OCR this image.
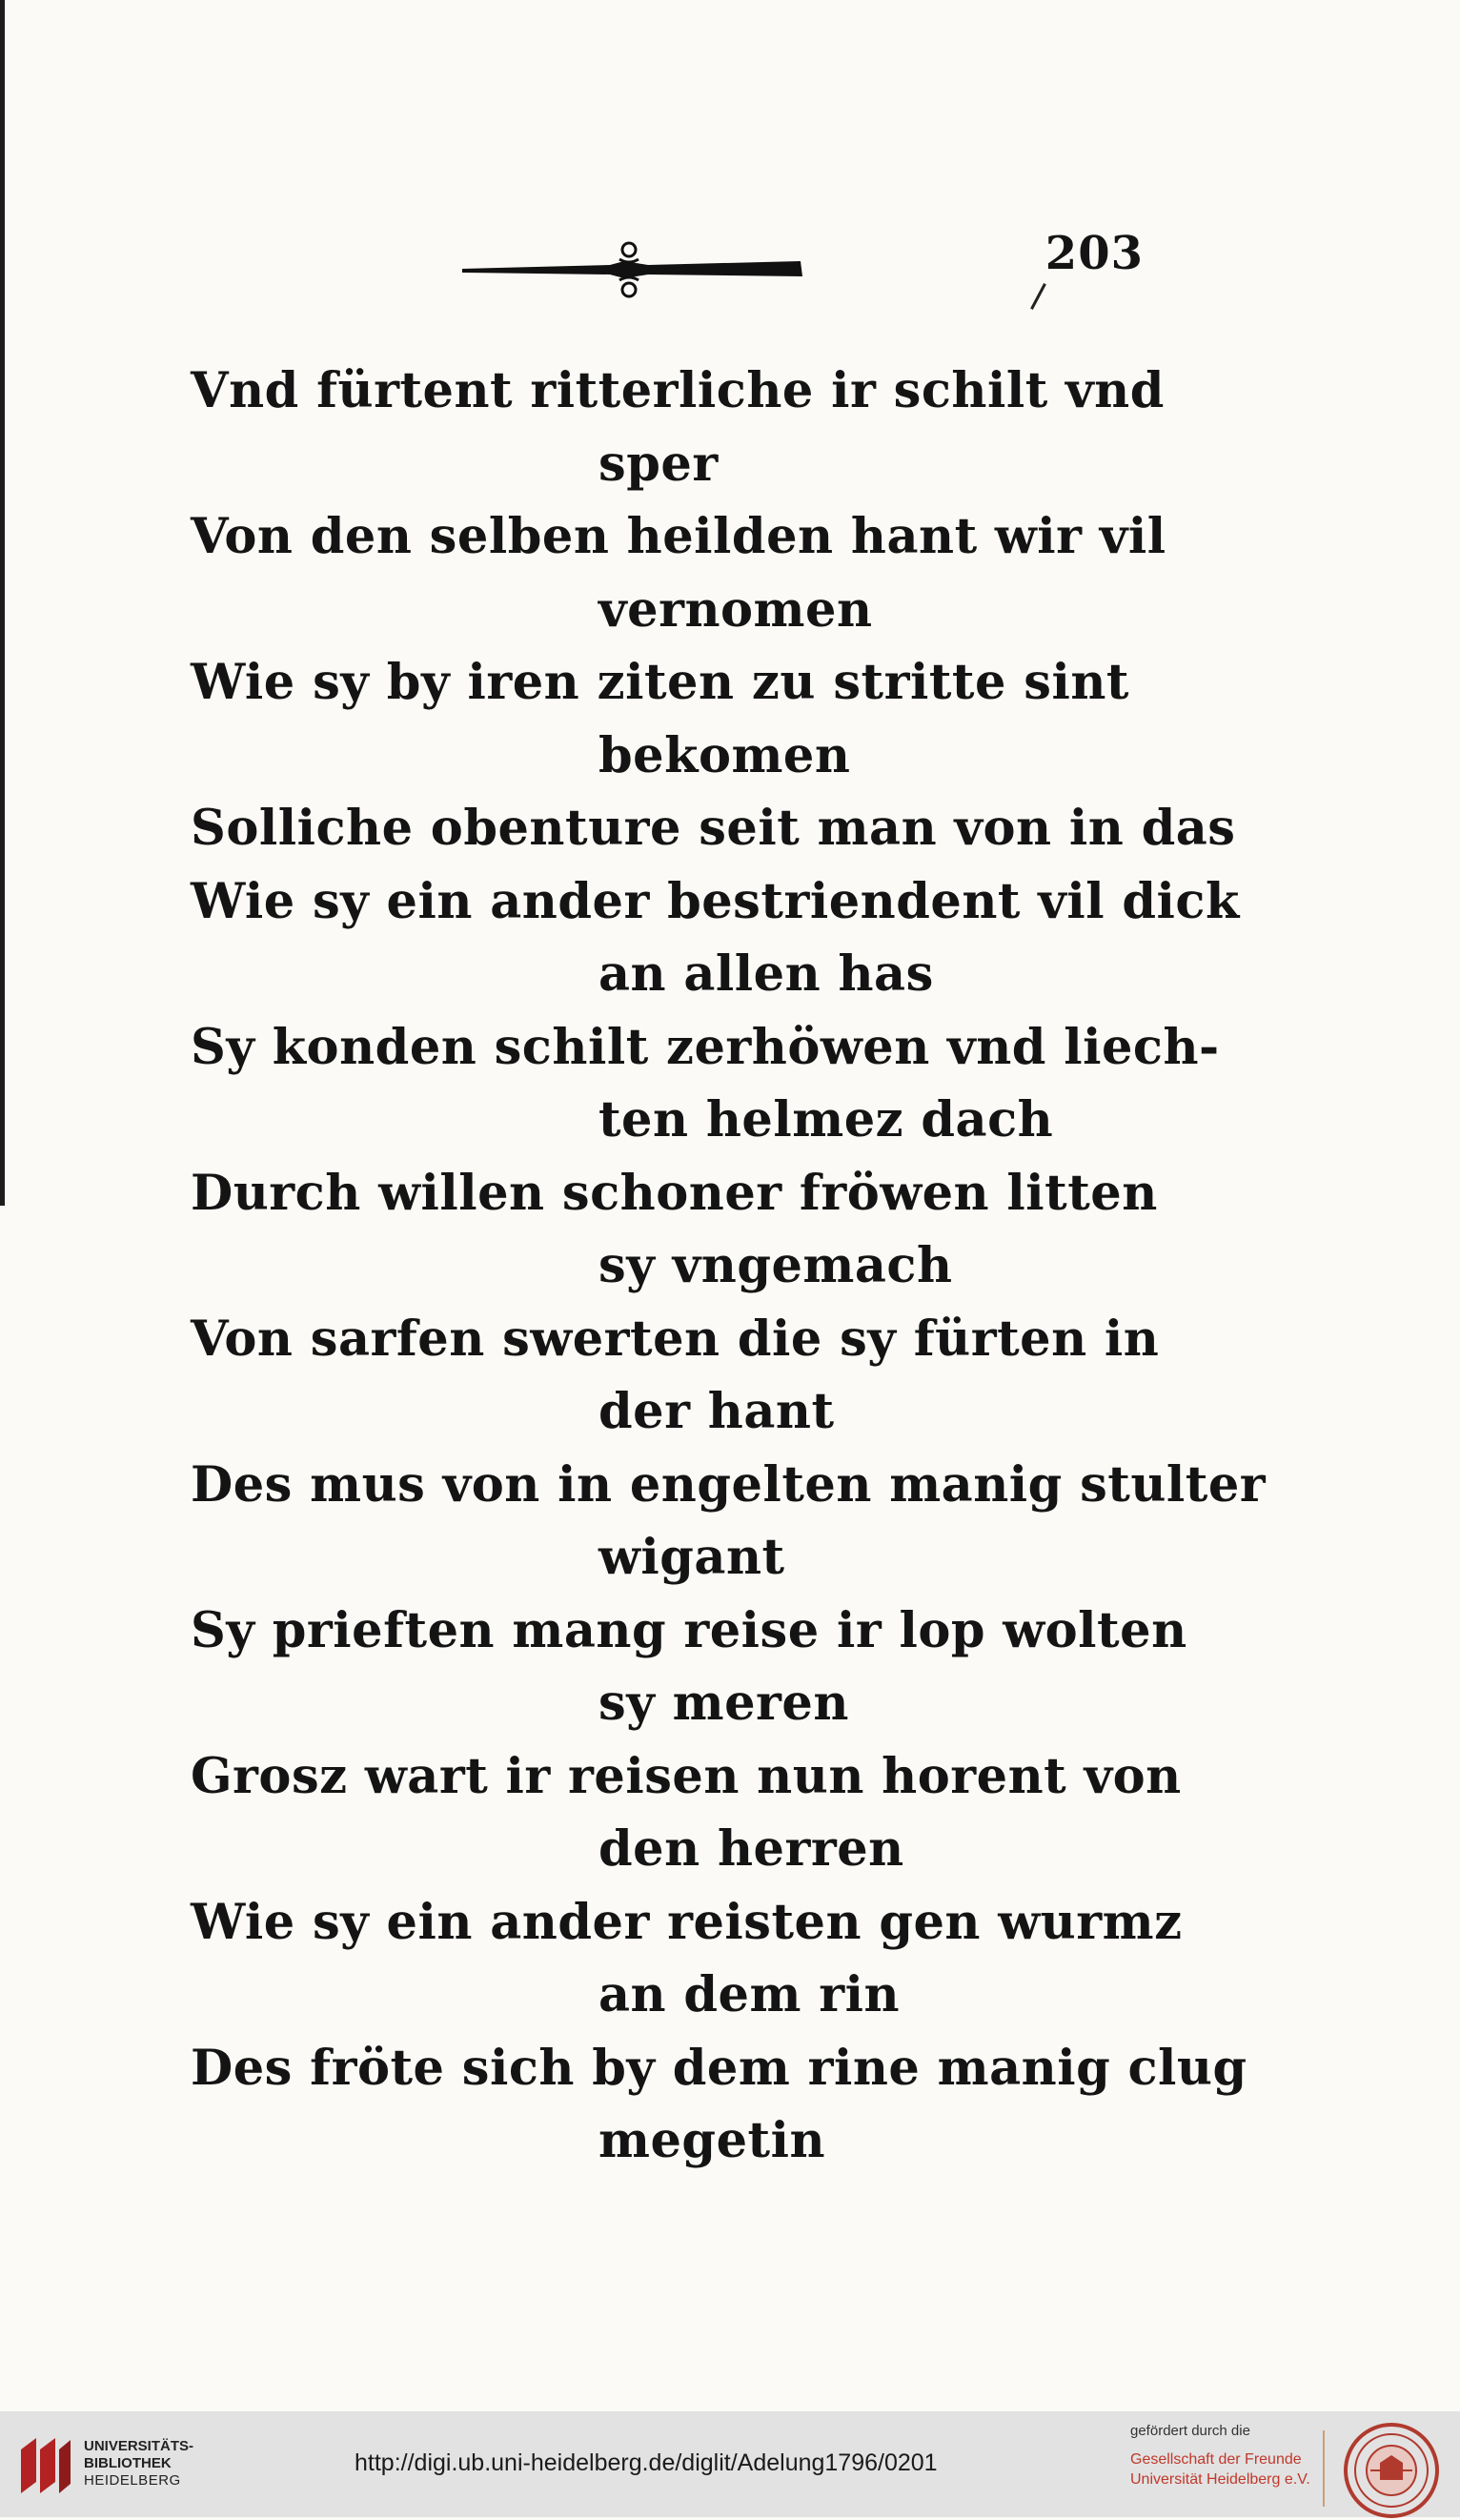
203
Vnd fürtent ritterliche ir schilt vnd
sper
Von den selben heilden hant wir vil
vernomen
Wie sy by iren ziten zu stritte sint
bekomen
Solliche obenture seit man von in das
Wie sy ein ander bestriendent vil dick
an allen has
Sy konden schilt zerhöwen vnd liech-
ten helmez dach
Durch willen schoner fröwen litten
sy vngemach
Von sarfen swerten die sy fürten in
der hant
Des mus von in engelten manig stulter
wigant
Sy prieften mang reise ir lop wolten
sy meren
Grosz wart ir reisen nun horent von
den herren
Wie sy ein ander reisten gen wurmz
an dem rin
Des fröte sich by dem rine manig clug
megetin
UNIVERSITÄTS-
BIBLIOTHEK
HEIDELBERG
http://digi.ub.uni-heidelberg.de/diglit/Adelung1796/0201
gefördert durch die
Gesellschaft der Freunde
Universität Heidelberg e.V.
